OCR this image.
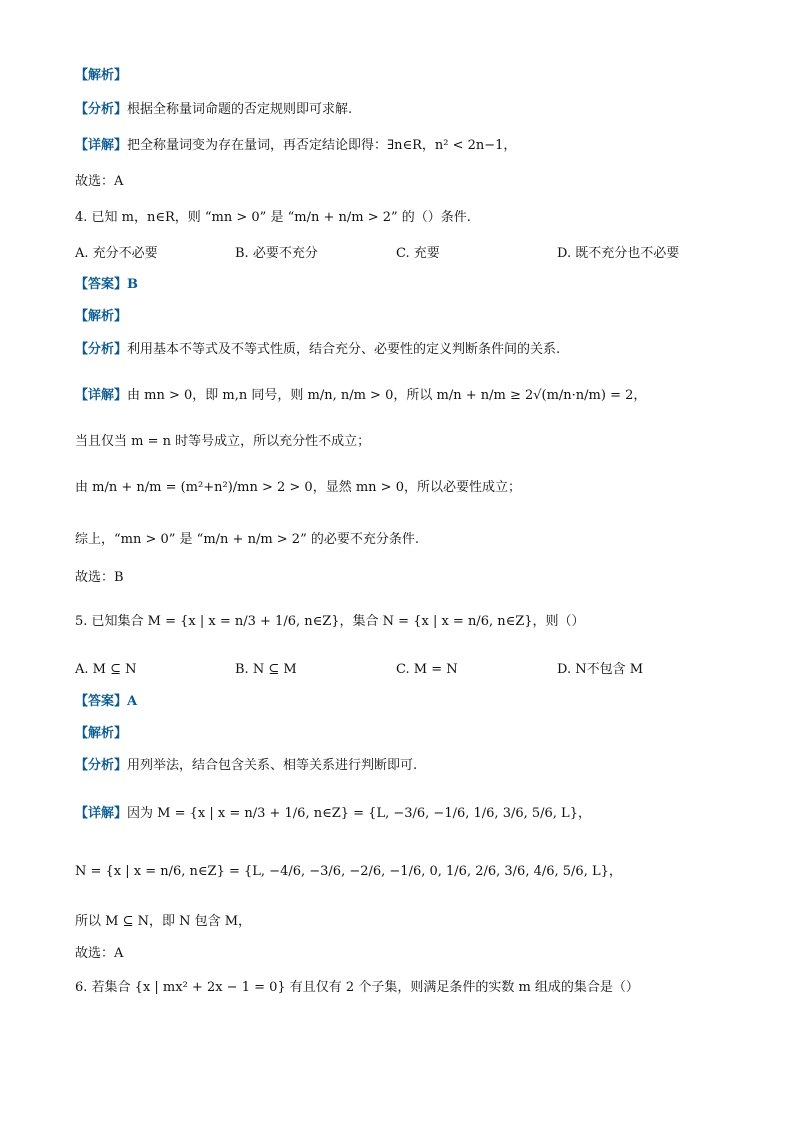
【解析】
【分析】根据全称量词命题的否定规则即可求解.
【详解】把全称量词变为存在量词，再否定结论即得：∃n∈R，n² < 2n−1，
故选：A
4. 已知 m，n∈R，则 “mn > 0” 是 “m/n + n/m > 2” 的（）条件.
A. 充分不必要	B. 必要不充分	C. 充要	D. 既不充分也不必要
【答案】B
【解析】
【分析】利用基本不等式及不等式性质，结合充分、必要性的定义判断条件间的关系.
【详解】由 mn > 0，即 m,n 同号，则 m/n, n/m > 0，所以 m/n + n/m ≥ 2√(m/n·n/m) = 2，
当且仅当 m = n 时等号成立，所以充分性不成立；
由 m/n + n/m = (m²+n²)/mn > 2 > 0，显然 mn > 0，所以必要性成立；
综上，“mn > 0” 是 “m/n + n/m > 2” 的必要不充分条件.
故选：B
5. 已知集合 M = {x | x = n/3 + 1/6, n∈Z}，集合 N = {x | x = n/6, n∈Z}，则（）
A. M ⊆ N	B. N ⊆ M	C. M = N	D. N不包含 M
【答案】A
【解析】
【分析】用列举法，结合包含关系、相等关系进行判断即可.
【详解】因为 M = {x | x = n/3 + 1/6, n∈Z} = {L, −3/6, −1/6, 1/6, 3/6, 5/6, L}，
N = {x | x = n/6, n∈Z} = {L, −4/6, −3/6, −2/6, −1/6, 0, 1/6, 2/6, 3/6, 4/6, 5/6, L}，
所以 M ⊆ N，即 N 包含 M，
故选：A
6. 若集合 {x | mx² + 2x − 1 = 0} 有且仅有 2 个子集，则满足条件的实数 m 组成的集合是（）
